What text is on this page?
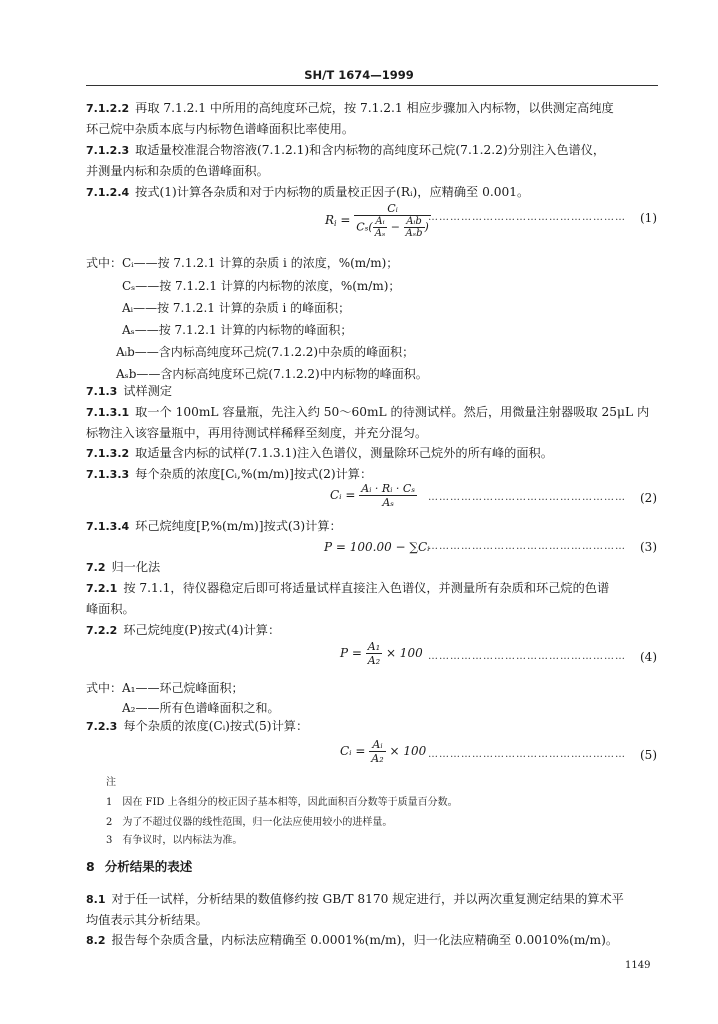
SH/T 1674—1999
7.1.2.2 再取 7.1.2.1 中所用的高纯度环己烷，按 7.1.2.1 相应步骤加入内标物，以供测定高纯度
环己烷中杂质本底与内标物色谱峰面积比率使用。
7.1.2.3 取适量校准混合物溶液(7.1.2.1)和含内标物的高纯度环己烷(7.1.2.2)分别注入色谱仪，
并测量内标和杂质的色谱峰面积。
7.1.2.4 按式(1)计算各杂质和对于内标物的质量校正因子(Rᵢ)，应精确至 0.001。
$R_i = \frac{\text{Cᵢ}}{C_s( \frac{\text{Aᵢ}}{\text{Aₛ}} - \frac{\text{Aᵢb}}{\text{Aₛb}} )}$
……………………………………………… (1)
式中：Cᵢ——按 7.1.2.1 计算的杂质 i 的浓度，%(m/m)；
Cₛ——按 7.1.2.1 计算的内标物的浓度，%(m/m)；
Aᵢ——按 7.1.2.1 计算的杂质 i 的峰面积；
Aₛ——按 7.1.2.1 计算的内标物的峰面积；
Aᵢb——含内标高纯度环己烷(7.1.2.2)中杂质的峰面积；
Aₛb——含内标高纯度环己烷(7.1.2.2)中内标物的峰面积。
7.1.3 试样测定
7.1.3.1 取一个 100mL 容量瓶，先注入约 50～60mL 的待测试样。然后，用微量注射器吸取 25μL 内
标物注入该容量瓶中，再用待测试样稀释至刻度，并充分混匀。
7.1.3.2 取适量含内标的试样(7.1.3.1)注入色谱仪，测量除环己烷外的所有峰的面积。
7.1.3.3 每个杂质的浓度[Cᵢ,%(m/m)]按式(2)计算：
Cᵢ = $\frac{\text{Aᵢ · Rᵢ · Cₛ}}{\text{Aₛ}}$ ……………………………………………… (2)
7.1.3.4 环己烷纯度[P,%(m/m)]按式(3)计算：
P = 100.00 − ∑Cᵢ
……………………………………………… (3)
7.2 归一化法
7.2.1 按 7.1.1，待仪器稳定后即可将适量试样直接注入色谱仪，并测量所有杂质和环己烷的色谱
峰面积。
7.2.2 环己烷纯度(P)按式(4)计算：
$P = \frac{\text{A₁}}{\text{A₂}} \times 100$ ……………………………………………… (4)
式中：A₁——环己烷峰面积；
A₂——所有色谱峰面积之和。
7.2.3 每个杂质的浓度(Cᵢ)按式(5)计算：
Cᵢ = $\frac{\text{Aᵢ}}{\text{A₂}} \times 100$ ……………………………………………… (5)
注
1　因在 FID 上各组分的校正因子基本相等，因此面积百分数等于质量百分数。
2　为了不超过仪器的线性范围，归一化法应使用较小的进样量。
3　有争议时，以内标法为准。
8 分析结果的表述
8.1 对于任一试样，分析结果的数值修约按 GB/T 8170 规定进行，并以两次重复测定结果的算术平
均值表示其分析结果。
8.2 报告每个杂质含量，内标法应精确至 0.0001%(m/m)，归一化法应精确至 0.0010%(m/m)。
1149
